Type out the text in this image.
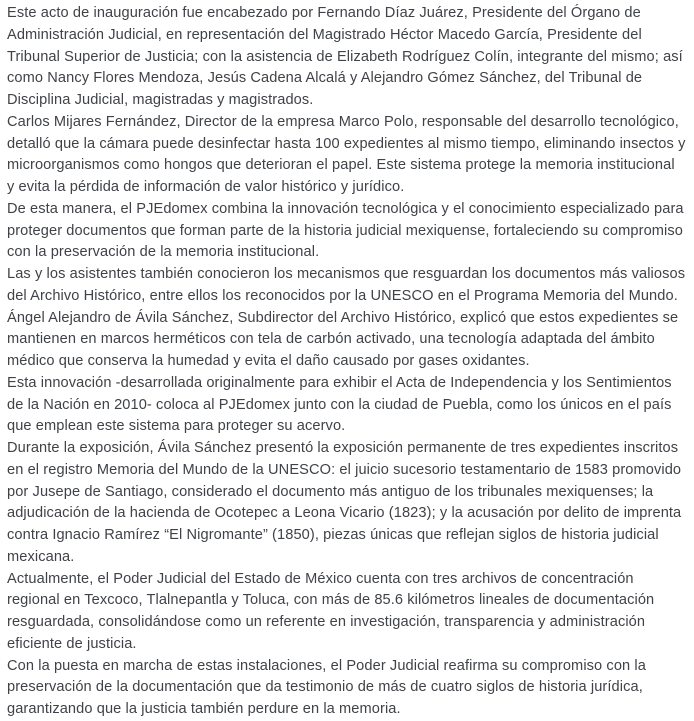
Este acto de inauguración fue encabezado por Fernando Díaz Juárez, Presidente del Órgano de Administración Judicial, en representación del Magistrado Héctor Macedo García, Presidente del Tribunal Superior de Justicia; con la asistencia de Elizabeth Rodríguez Colín, integrante del mismo; así como Nancy Flores Mendoza, Jesús Cadena Alcalá y Alejandro Gómez Sánchez, del Tribunal de Disciplina Judicial, magistradas y magistrados.

Carlos Mijares Fernández, Director de la empresa Marco Polo, responsable del desarrollo tecnológico, detalló que la cámara puede desinfectar hasta 100 expedientes al mismo tiempo, eliminando insectos y microorganismos como hongos que deterioran el papel. Este sistema protege la memoria institucional y evita la pérdida de información de valor histórico y jurídico.

De esta manera, el PJEdomex combina la innovación tecnológica y el conocimiento especializado para proteger documentos que forman parte de la historia judicial mexiquense, fortaleciendo su compromiso con la preservación de la memoria institucional.

Las y los asistentes también conocieron los mecanismos que resguardan los documentos más valiosos del Archivo Histórico, entre ellos los reconocidos por la UNESCO en el Programa Memoria del Mundo. Ángel Alejandro de Ávila Sánchez, Subdirector del Archivo Histórico, explicó que estos expedientes se mantienen en marcos herméticos con tela de carbón activado, una tecnología adaptada del ámbito médico que conserva la humedad y evita el daño causado por gases oxidantes.

Esta innovación -desarrollada originalmente para exhibir el Acta de Independencia y los Sentimientos de la Nación en 2010- coloca al PJEdomex junto con la ciudad de Puebla, como los únicos en el país que emplean este sistema para proteger su acervo.

Durante la exposición, Ávila Sánchez presentó la exposición permanente de tres expedientes inscritos en el registro Memoria del Mundo de la UNESCO: el juicio sucesorio testamentario de 1583 promovido por Jusepe de Santiago, considerado el documento más antiguo de los tribunales mexiquenses; la adjudicación de la hacienda de Ocotepec a Leona Vicario (1823); y la acusación por delito de imprenta contra Ignacio Ramírez “El Nigromante” (1850), piezas únicas que reflejan siglos de historia judicial mexicana.

Actualmente, el Poder Judicial del Estado de México cuenta con tres archivos de concentración regional en Texcoco, Tlalnepantla y Toluca, con más de 85.6 kilómetros lineales de documentación resguardada, consolidándose como un referente en investigación, transparencia y administración eficiente de justicia.

Con la puesta en marcha de estas instalaciones, el Poder Judicial reafirma su compromiso con la preservación de la documentación que da testimonio de más de cuatro siglos de historia jurídica, garantizando que la justicia también perdure en la memoria.
